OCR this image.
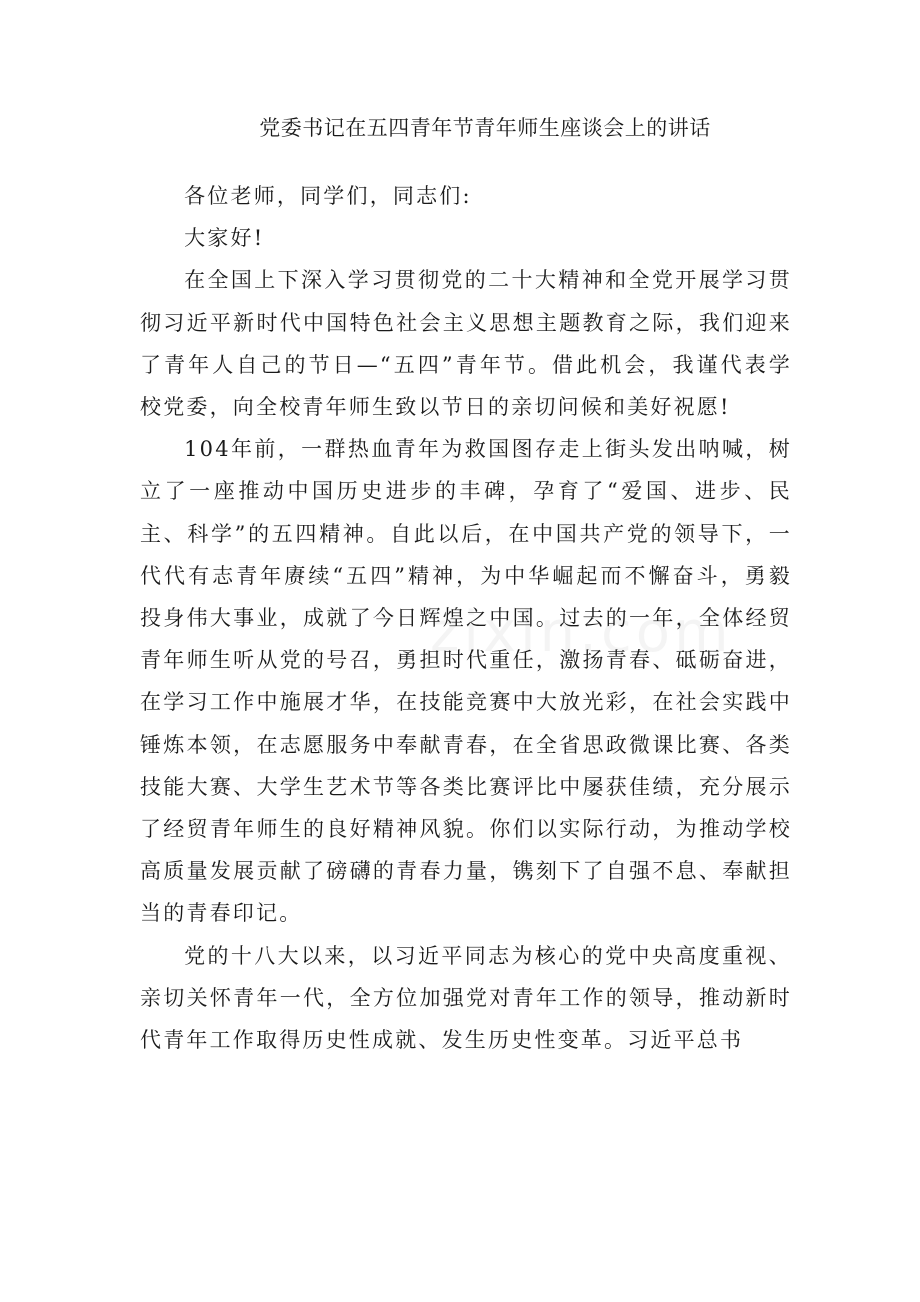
党委书记在五四青年节青年师生座谈会上的讲话

各位老师，同学们，同志们:

大家好!

在全国上下深入学习贯彻党的二十大精神和全党开展学习贯彻习近平新时代中国特色社会主义思想主题教育之际，我们迎来了青年人自己的节日—“五四”青年节。借此机会，我谨代表学校党委，向全校青年师生致以节日的亲切问候和美好祝愿!

104年前，一群热血青年为救国图存走上街头发出呐喊，树立了一座推动中国历史进步的丰碑，孕育了“爱国、进步、民主、科学”的五四精神。自此以后，在中国共产党的领导下，一代代有志青年赓续“五四”精神，为中华崛起而不懈奋斗，勇毅投身伟大事业，成就了今日辉煌之中国。过去的一年，全体经贸青年师生听从党的号召，勇担时代重任，激扬青春、砥砺奋进，在学习工作中施展才华，在技能竞赛中大放光彩，在社会实践中锤炼本领，在志愿服务中奉献青春，在全省思政微课比赛、各类技能大赛、大学生艺术节等各类比赛评比中屡获佳绩，充分展示了经贸青年师生的良好精神风貌。你们以实际行动，为推动学校高质量发展贡献了磅礴的青春力量，镌刻下了自强不息、奉献担当的青春印记。

党的十八大以来，以习近平同志为核心的党中央高度重视、亲切关怀青年一代，全方位加强党对青年工作的领导，推动新时代青年工作取得历史性成就、发生历史性变革。习近平总书
